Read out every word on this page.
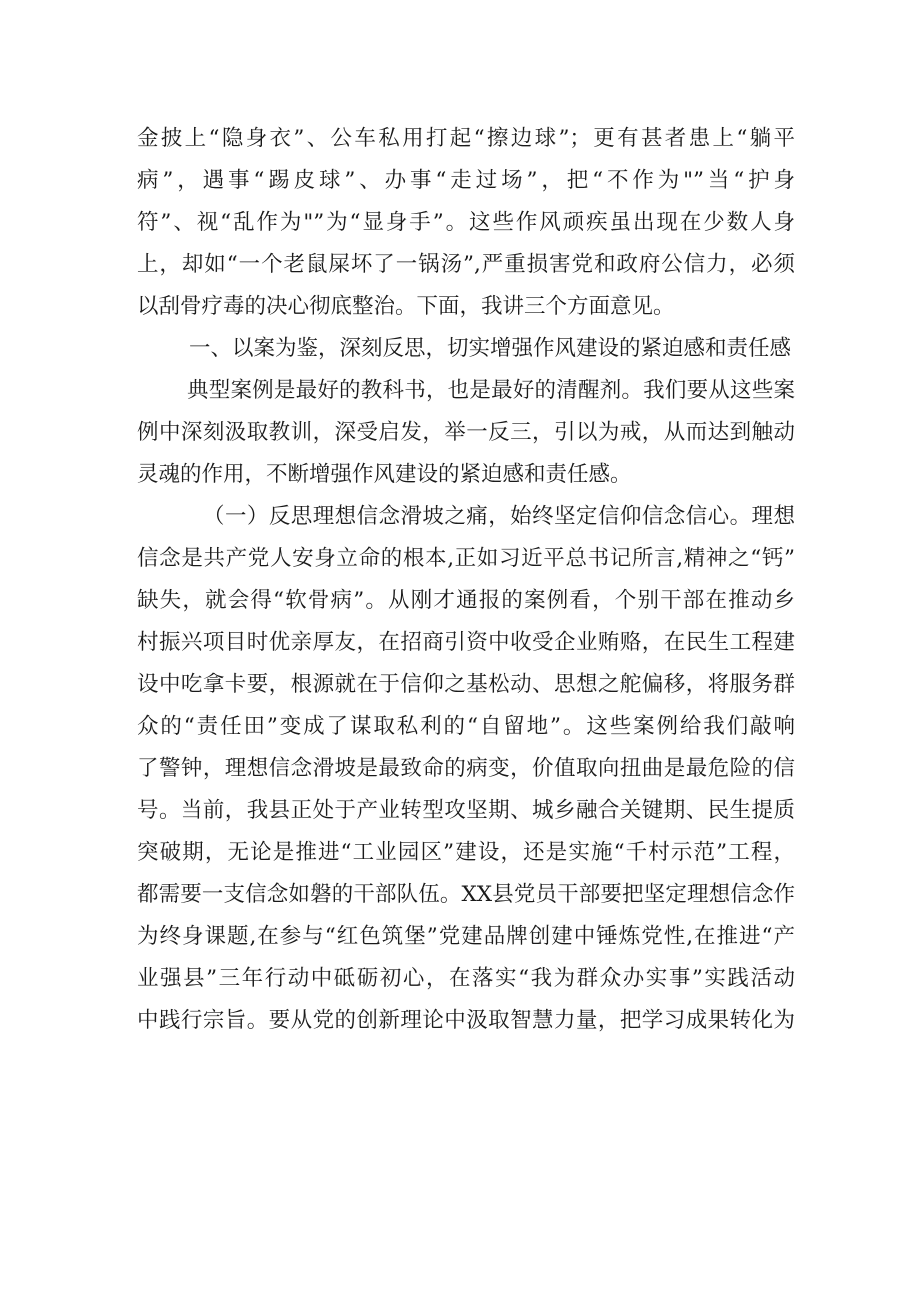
金披上“隐身衣”、公车私用打起“擦边球”；更有甚者患上“躺平
病”，遇事“踢皮球”、办事“走过场”，把“不作为"”当“护身
符”、视“乱作为"”为“显身手”。这些作风顽疾虽出现在少数人身
上，却如“一个老鼠屎坏了一锅汤”,严重损害党和政府公信力，必须
以刮骨疗毒的决心彻底整治。下面，我讲三个方面意见。
一、以案为鉴，深刻反思，切实增强作风建设的紧迫感和责任感
典型案例是最好的教科书，也是最好的清醒剂。我们要从这些案
例中深刻汲取教训，深受启发，举一反三，引以为戒，从而达到触动
灵魂的作用，不断增强作风建设的紧迫感和责任感。
（一）反思理想信念滑坡之痛，始终坚定信仰信念信心。理想
信念是共产党人安身立命的根本,正如习近平总书记所言,精神之“钙”
缺失，就会得“软骨病”。从刚才通报的案例看，个别干部在推动乡
村振兴项目时优亲厚友，在招商引资中收受企业贿赂，在民生工程建
设中吃拿卡要，根源就在于信仰之基松动、思想之舵偏移，将服务群
众的“责任田”变成了谋取私利的“自留地”。这些案例给我们敲响
了警钟，理想信念滑坡是最致命的病变，价值取向扭曲是最危险的信
号。当前，我县正处于产业转型攻坚期、城乡融合关键期、民生提质
突破期，无论是推进“工业园区”建设，还是实施“千村示范”工程，
都需要一支信念如磐的干部队伍。XX县党员干部要把坚定理想信念作
为终身课题,在参与“红色筑堡”党建品牌创建中锤炼党性,在推进“产
业强县”三年行动中砥砺初心，在落实“我为群众办实事”实践活动
中践行宗旨。要从党的创新理论中汲取智慧力量，把学习成果转化为
